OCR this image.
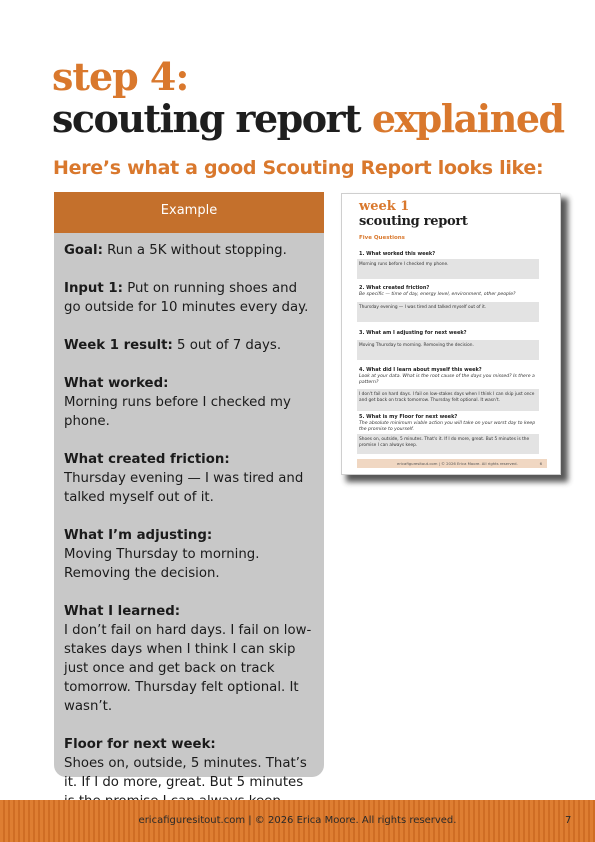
step 4:
scouting report explained
Here’s what a good Scouting Report looks like:
Example
Goal: Run a 5K without stopping.
Input 1: Put on running shoes and go outside for 10 minutes every day.
Week 1 result: 5 out of 7 days.
What worked:
Morning runs before I checked my phone.
What created friction:
Thursday evening — I was tired and talked myself out of it.
What I’m adjusting:
Moving Thursday to morning.
Removing the decision.
What I learned:
I don’t fail on hard days. I fail on low-stakes days when I think I can skip just once and get back on track tomorrow. Thursday felt optional. It wasn’t.
Floor for next week:
Shoes on, outside, 5 minutes. That’s it. If I do more, great. But 5 minutes
week 1
scouting report
Five Questions
1. What worked this week?
Morning runs before I checked my phone.
2. What created friction?
Be specific — time of day, energy level, environment, other people?
Thursday evening — I was tired and talked myself out of it.
3. What am I adjusting for next week?
Moving Thursday to morning. Removing the decision.
4. What did I learn about myself this week?
Look at your data. What is the root cause of the days you missed? Is there a pattern?
I don't fail on hard days. I fail on low-stakes days when I think I can skip just once and get back on track tomorrow. Thursday felt optional. It wasn't.
5. What is my Floor for next week?
The absolute minimum viable action you will take on your worst day to keep the promise to yourself.
Shoes on, outside, 5 minutes. That's it. If I do more, great. But 5 minutes is the promise I can always keep.
ericafiguresitout.com | © 2026 Erica Moore. All rights reserved.	6
ericafiguresitout.com | © 2026 Erica Moore. All rights reserved.	7
